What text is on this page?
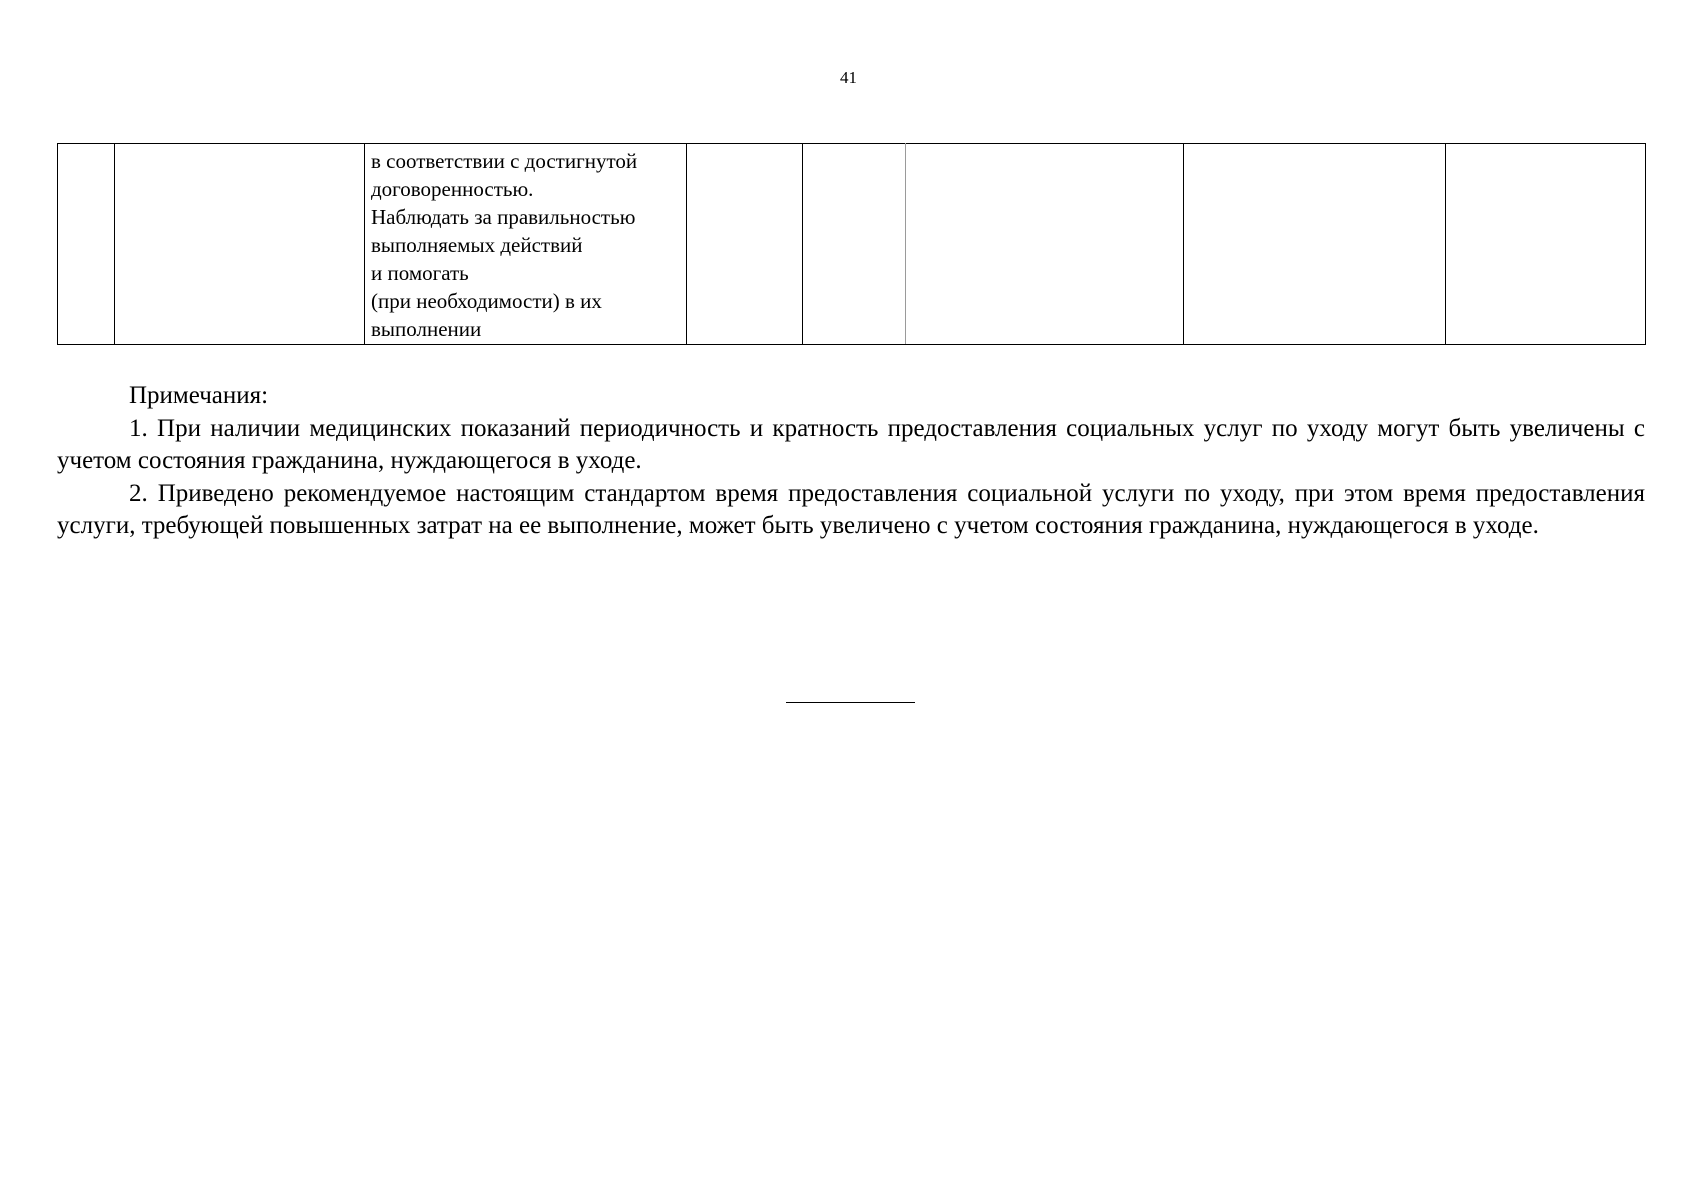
41

в соответствии с достигнутой
договоренностью.
Наблюдать за правильностью
выполняемых действий
и помогать
(при необходимости) в их
выполнении

Примечания:

1. При наличии медицинских показаний периодичность и кратность предоставления социальных услуг по уходу могут быть увеличены с учетом состояния гражданина, нуждающегося в уходе.

2. Приведено рекомендуемое настоящим стандартом время предоставления социальной услуги по уходу, при этом время предоставления услуги, требующей повышенных затрат на ее выполнение, может быть увеличено с учетом состояния гражданина, нуждающегося в уходе.
